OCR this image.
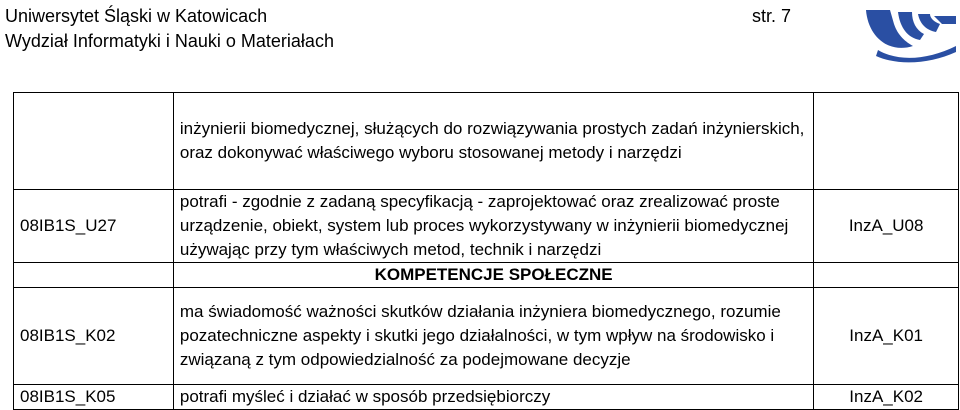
Uniwersytet Śląski w Katowicach
Wydział Informatyki i Nauki o Materiałach
str. 7
	inżynierii biomedycznej, służących do rozwiązywania prostych zadań inżynierskich, oraz dokonywać właściwego wyboru stosowanej metody i narzędzi	
08IB1S_U27	potrafi - zgodnie z zadaną specyfikacją - zaprojektować oraz zrealizować proste urządzenie, obiekt, system lub proces wykorzystywany w inżynierii biomedycznej używając przy tym właściwych metod, technik i narzędzi	InzA_U08
	KOMPETENCJE SPOŁECZNE	
08IB1S_K02	ma świadomość ważności skutków działania inżyniera biomedycznego, rozumie pozatechniczne aspekty i skutki jego działalności, w tym wpływ na środowisko i związaną z tym odpowiedzialność za podejmowane decyzje	InzA_K01
08IB1S_K05	potrafi myśleć i działać w sposób przedsiębiorczy	InzA_K02
